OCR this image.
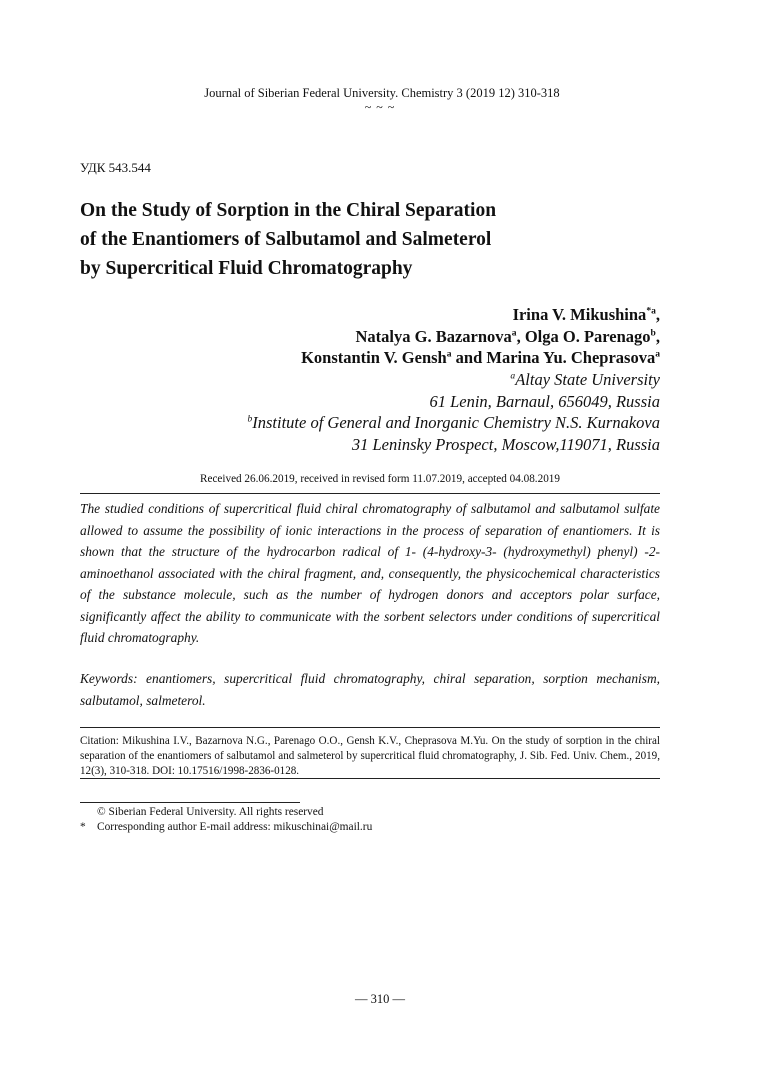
Journal of Siberian Federal University. Chemistry 3 (2019 12) 310-318
~ ~ ~
УДК 543.544
On the Study of Sorption in the Chiral Separation
of the Enantiomers of Salbutamol and Salmeterol
by Supercritical Fluid Chromatography
Irina V. Mikushina$^{*a}$,
Natalya G. Bazarnova$^a$, Olga O. Parenago$^b$,
Konstantin V. Gensh$^a$ and Marina Yu. Cheprasova$^a$
$^a$Altay State University
61 Lenin, Barnaul, 656049, Russia
$^b$Institute of General and Inorganic Chemistry N.S. Kurnakova
31 Leninsky Prospect, Moscow,119071, Russia
Received 26.06.2019, received in revised form 11.07.2019, accepted 04.08.2019
The studied conditions of supercritical fluid chiral chromatography of salbutamol and salbutamol sulfate allowed to assume the possibility of ionic interactions in the process of separation of enantiomers. It is shown that the structure of the hydrocarbon radical of 1- (4-hydroxy-3- (hydroxymethyl) phenyl) -2-aminoethanol associated with the chiral fragment, and, consequently, the physicochemical characteristics of the substance molecule, such as the number of hydrogen donors and acceptors polar surface, significantly affect the ability to communicate with the sorbent selectors under conditions of supercritical fluid chromatography.
Keywords: enantiomers, supercritical fluid chromatography, chiral separation, sorption mechanism, salbutamol, salmeterol.
Citation: Mikushina I.V., Bazarnova N.G., Parenago O.O., Gensh K.V., Cheprasova M.Yu. On the study of sorption in the chiral separation of the enantiomers of salbutamol and salmeterol by supercritical fluid chromatography, J. Sib. Fed. Univ. Chem., 2019, 12(3), 310-318. DOI: 10.17516/1998-2836-0128.
© Siberian Federal University. All rights reserved
* Corresponding author E-mail address: mikuschinai@mail.ru
— 310 —
